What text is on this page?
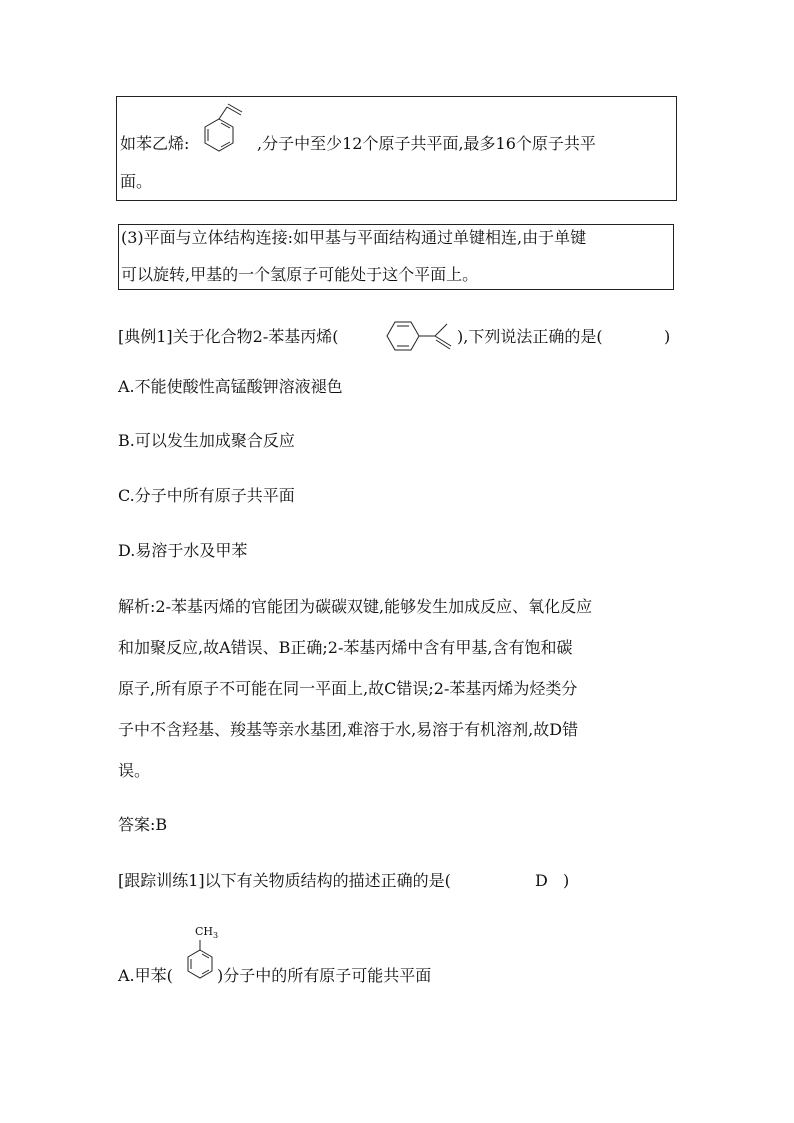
如苯乙烯:	,分子中至少12个原子共平面,最多16个原子共平
面。
(3)平面与立体结构连接:如甲基与平面结构通过单键相连,由于单键
可以旋转,甲基的一个氢原子可能处于这个平面上。
[典例1]关于化合物2-苯基丙烯(	),下列说法正确的是(	)
A.不能使酸性高锰酸钾溶液褪色
B.可以发生加成聚合反应
C.分子中所有原子共平面
D.易溶于水及甲苯
解析:2-苯基丙烯的官能团为碳碳双键,能够发生加成反应、氧化反应
和加聚反应,故A错误、B正确;2-苯基丙烯中含有甲基,含有饱和碳
原子,所有原子不可能在同一平面上,故C错误;2-苯基丙烯为烃类分
子中不含羟基、羧基等亲水基团,难溶于水,易溶于有机溶剂,故D错
误。
答案:B
[跟踪训练1]以下有关物质结构的描述正确的是(	D )
A.甲苯(
$CH_3$
)分子中的所有原子可能共平面
